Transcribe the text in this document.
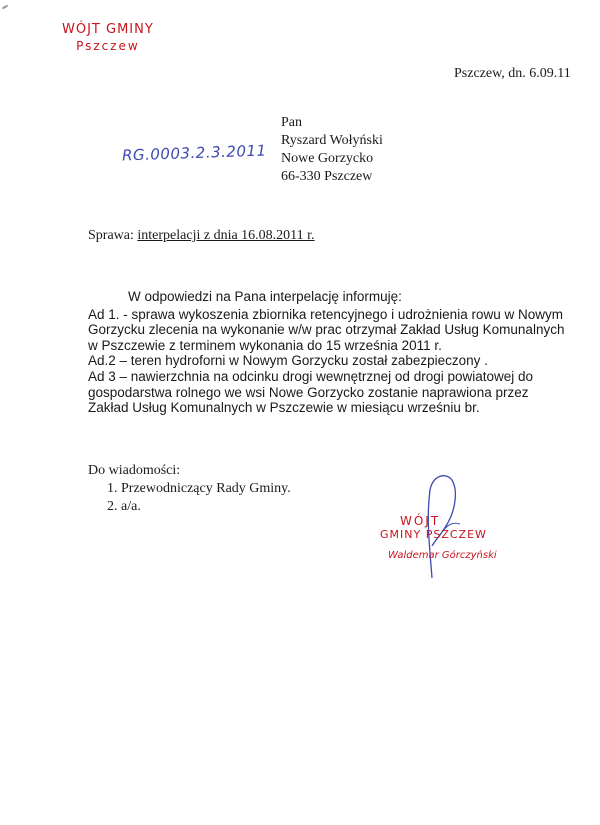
WÓJT GMINY
Pszczew
Pszczew, dn. 6.09.11
Pan
Ryszard Wołyński
Nowe Gorzycko
66-330 Pszczew
RG.0003.2.3.2011
Sprawa: interpelacji z dnia 16.08.2011 r.

W odpowiedzi na Pana interpelację informuję:

Ad 1. - sprawa wykoszenia zbiornika retencyjnego i udrożnienia rowu w Nowym Gorzycku zlecenia na wykonanie w/w prac otrzymał Zakład Usług Komunalnych w Pszczewie z terminem wykonania do 15 września 2011 r.

Ad.2 – teren hydroforni w Nowym Gorzycku został zabezpieczony .

Ad 3 – nawierzchnia na odcinku drogi wewnętrznej od drogi powiatowej do gospodarstwa rolnego we wsi Nowe Gorzycko zostanie naprawiona przez Zakład Usług Komunalnych w Pszczewie w miesiącu wrześniu br.

Do wiadomości:
1. Przewodniczący Rady Gminy.
2. a/a.
WÓJT
GMINY PSZCZEW
Waldemar Górczyński
